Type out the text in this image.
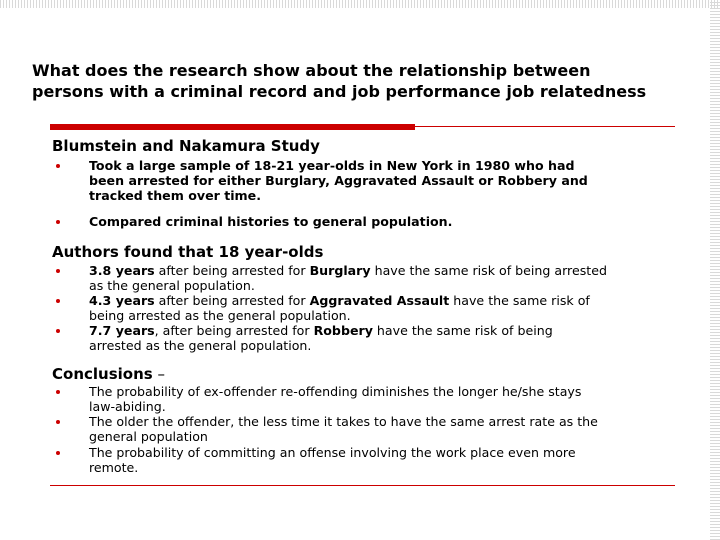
What does the research show about the relationship between
persons with a criminal record and job performance job relatedness
Blumstein and Nakamura Study
Took a large sample of 18-21 year-olds in New York in 1980 who had
been arrested for either Burglary, Aggravated Assault or Robbery and
tracked them over time.
Compared criminal histories to general population.
Authors found that 18 year-olds
3.8 years after being arrested for Burglary have the same risk of being arrested
as the general population.
4.3 years after being arrested for Aggravated Assault have the same risk of
being arrested as the general population.
7.7 years, after being arrested for Robbery have the same risk of being
arrested as the general population.
Conclusions –
The probability of ex-offender re-offending diminishes the longer he/she stays
law-abiding.
The older the offender, the less time it takes to have the same arrest rate as the
general population
The probability of committing an offense involving the work place even more
remote.
